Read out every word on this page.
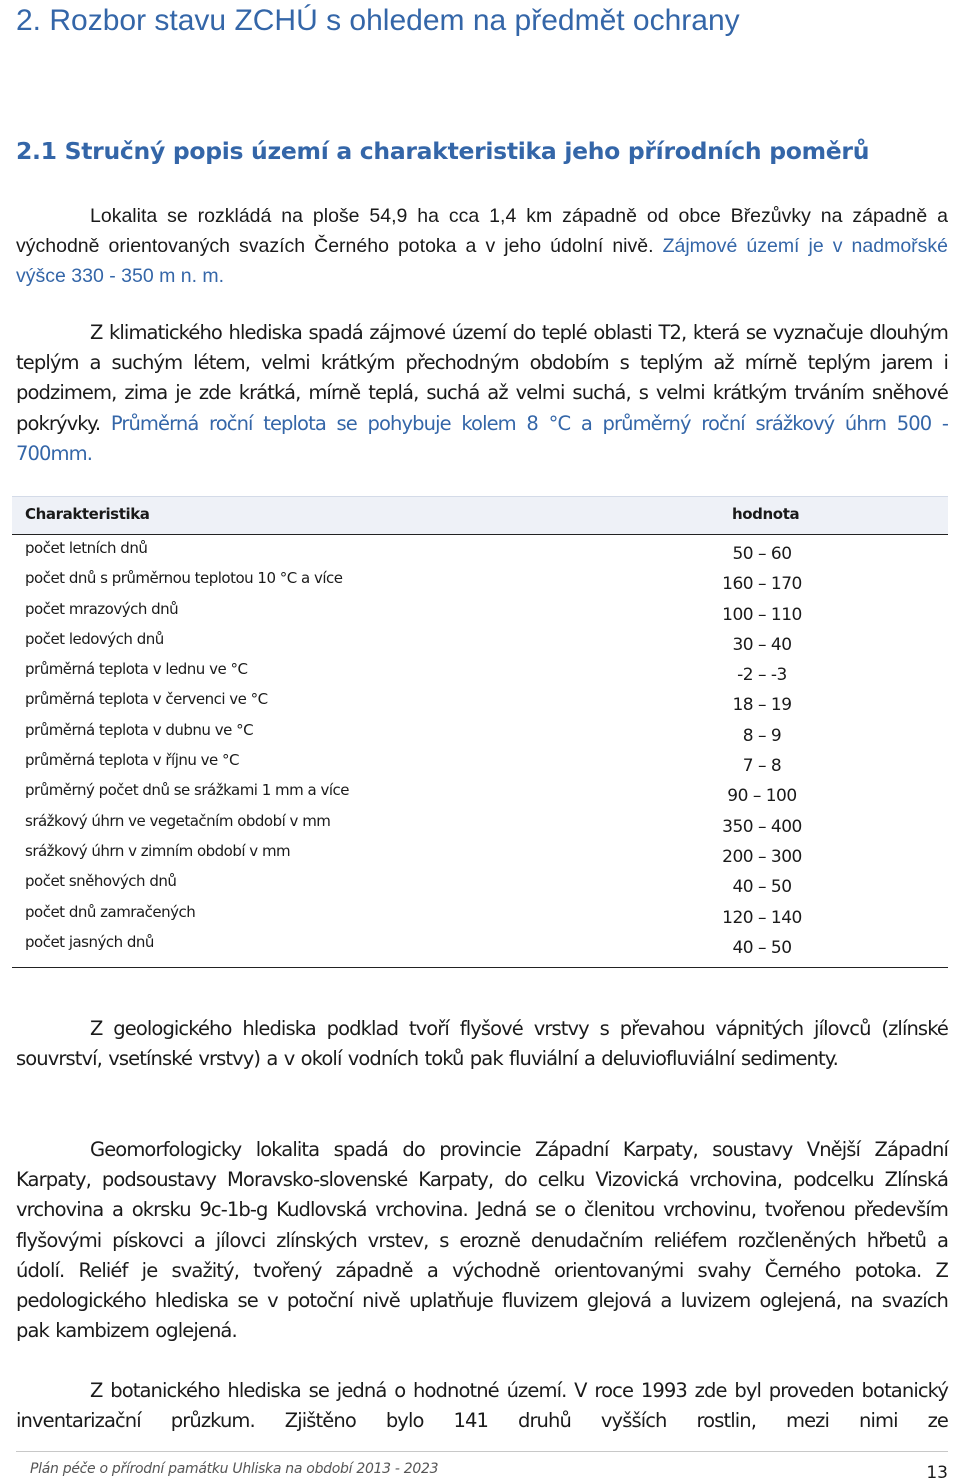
2. Rozbor stavu ZCHÚ s ohledem na předmět ochrany
2.1 Stručný popis území a charakteristika jeho přírodních poměrů

Lokalita se rozkládá na ploše 54,9 ha cca 1,4 km západně od obce Březůvky na západně a východně orientovaných svazích Černého potoka a v jeho údolní nivě. Zájmové území je v nadmořské výšce 330 - 350 m n. m.

Z klimatického hlediska spadá zájmové území do teplé oblasti T2, která se vyznačuje dlouhým teplým a suchým létem, velmi krátkým přechodným obdobím s teplým až mírně teplým jarem i podzimem, zima je zde krátká, mírně teplá, suchá až velmi suchá, s velmi krátkým trváním sněhové pokrývky. Průměrná roční teplota se pohybuje kolem 8 °C a průměrný roční srážkový úhrn 500 - 700mm.

Charakteristika	hodnota
počet letních dnů	50 – 60
počet dnů s průměrnou teplotou 10 °C a více	160 – 170
počet mrazových dnů	100 – 110
počet ledových dnů	30 – 40
průměrná teplota v lednu ve °C	-2 – -3
průměrná teplota v červenci ve °C	18 – 19
průměrná teplota v dubnu ve °C	8 – 9
průměrná teplota v říjnu ve °C	7 – 8
průměrný počet dnů se srážkami 1 mm a více	90 – 100
srážkový úhrn ve vegetačním období v mm	350 – 400
srážkový úhrn v zimním období v mm	200 – 300
počet sněhových dnů	40 – 50
počet dnů zamračených	120 – 140
počet jasných dnů	40 – 50

Z geologického hlediska podklad tvoří flyšové vrstvy s převahou vápnitých jílovců (zlínské souvrství, vsetínské vrstvy) a v okolí vodních toků pak fluviální a deluviofluviální sedimenty.

Geomorfologicky lokalita spadá do provincie Západní Karpaty, soustavy Vnější Západní Karpaty, podsoustavy Moravsko-slovenské Karpaty, do celku Vizovická vrchovina, podcelku Zlínská vrchovina a okrsku 9c-1b-g Kudlovská vrchovina. Jedná se o členitou vrchovinu, tvořenou především flyšovými pískovci a jílovci zlínských vrstev, s erozně denudačním reliéfem rozčleněných hřbetů a údolí. Reliéf je svažitý, tvořený západně a východně orientovanými svahy Černého potoka. Z pedologického hlediska se v potoční nivě uplatňuje fluvizem glejová a luvizem oglejená, na svazích pak kambizem oglejená.

Z botanického hlediska se jedná o hodnotné území. V roce 1993 zde byl proveden botanický inventarizační průzkum. Zjištěno bylo 141 druhů vyšších rostlin, mezi nimi ze

Plán péče o přírodní památku Uhliska na období 2013 - 2023	13
